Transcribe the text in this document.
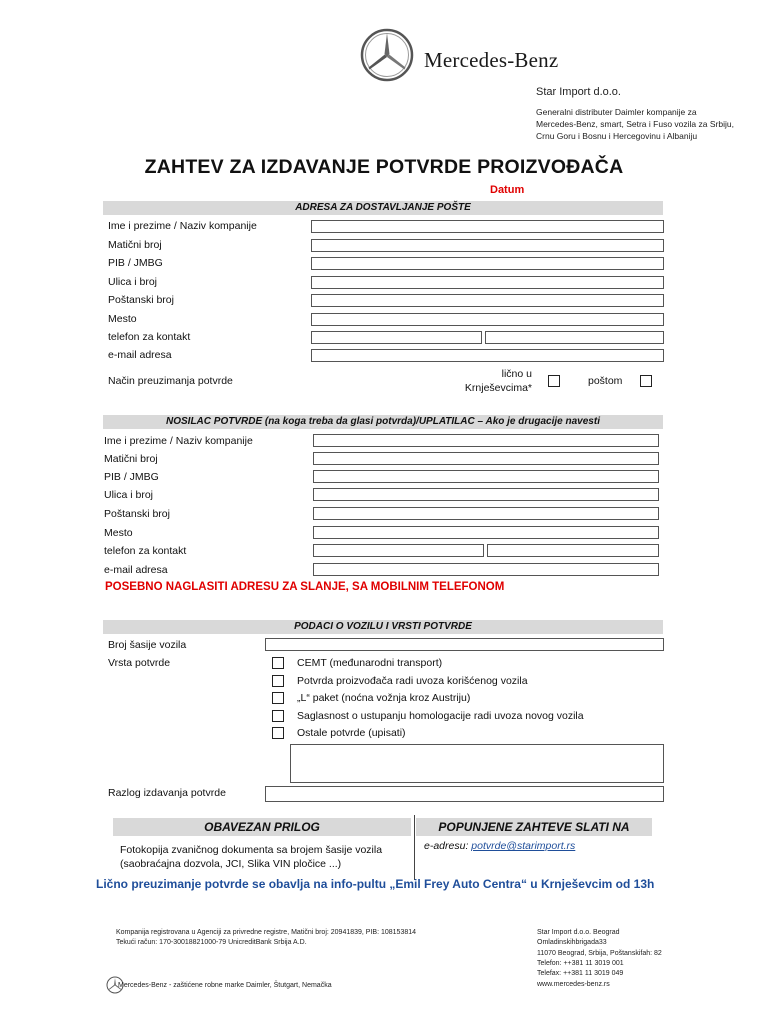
Mercedes-Benz
Star Import d.o.o.
Generalni distributer Daimler kompanije za Mercedes-Benz, smart, Setra i Fuso vozila za Srbiju, Crnu Goru i Bosnu i Hercegovinu i Albaniju
ZAHTEV ZA IZDAVANJE POTVRDE PROIZVOĐAČA
Datum
ADRESA ZA DOSTAVLJANJE POŠTE
Ime i prezime / Naziv kompanije
Matični broj
PIB / JMBG
Ulica i broj
Poštanski broj
Mesto
telefon za kontakt
e-mail adresa
Način preuzimanja potvrde
lično u Krnješevcima*
poštom
NOSILAC POTVRDE (na koga treba da glasi potvrda)/UPLATILAC – Ako je drugacije navesti
Ime i prezime / Naziv kompanije
Matični broj
PIB / JMBG
Ulica i broj
Poštanski broj
Mesto
telefon za kontakt
e-mail adresa
POSEBNO NAGLASITI ADRESU ZA SLANJE, SA MOBILNIM TELEFONOM
PODACI O VOZILU I VRSTI POTVRDE
Broj šasije vozila
Vrsta potvrde	CEMT (međunarodni transport)
Potvrda proizvođača radi uvoza korišćenog vozila
„L“ paket (noćna vožnja kroz Austriju)
Saglasnost o ustupanju homologacije radi uvoza novog vozila
Ostale potvrde (upisati)
Razlog izdavanja potvrde
OBAVEZAN PRILOG	POPUNJENE ZAHTEVE SLATI NA
Fotokopija zvaničnog dokumenta sa brojem šasije vozila (saobraćajna dozvola, JCI, Slika VIN pločice ...)
e-adresu: potvrde@starimport.rs
Lično preuzimanje potvrde se obavlja na info-pultu „Emil Frey Auto Centra“ u Krnješevcim od 13h
Kompanija registrovana u Agenciji za privredne registre, Matični broj: 20941839, PIB: 108153814
Tekući račun: 170-30018821000-79 UnicreditBank Srbija A.D.
Mercedes-Benz - zaštićene robne marke Daimler, Štutgart, Nemačka
Star Import d.o.o. Beograd
Omladinskihbrigada33
11070 Beograd, Srbija, Poštanskifah: 82
Telefon: ++381 11 3019 001
Telefax: ++381 11 3019 049
www.mercedes-benz.rs
